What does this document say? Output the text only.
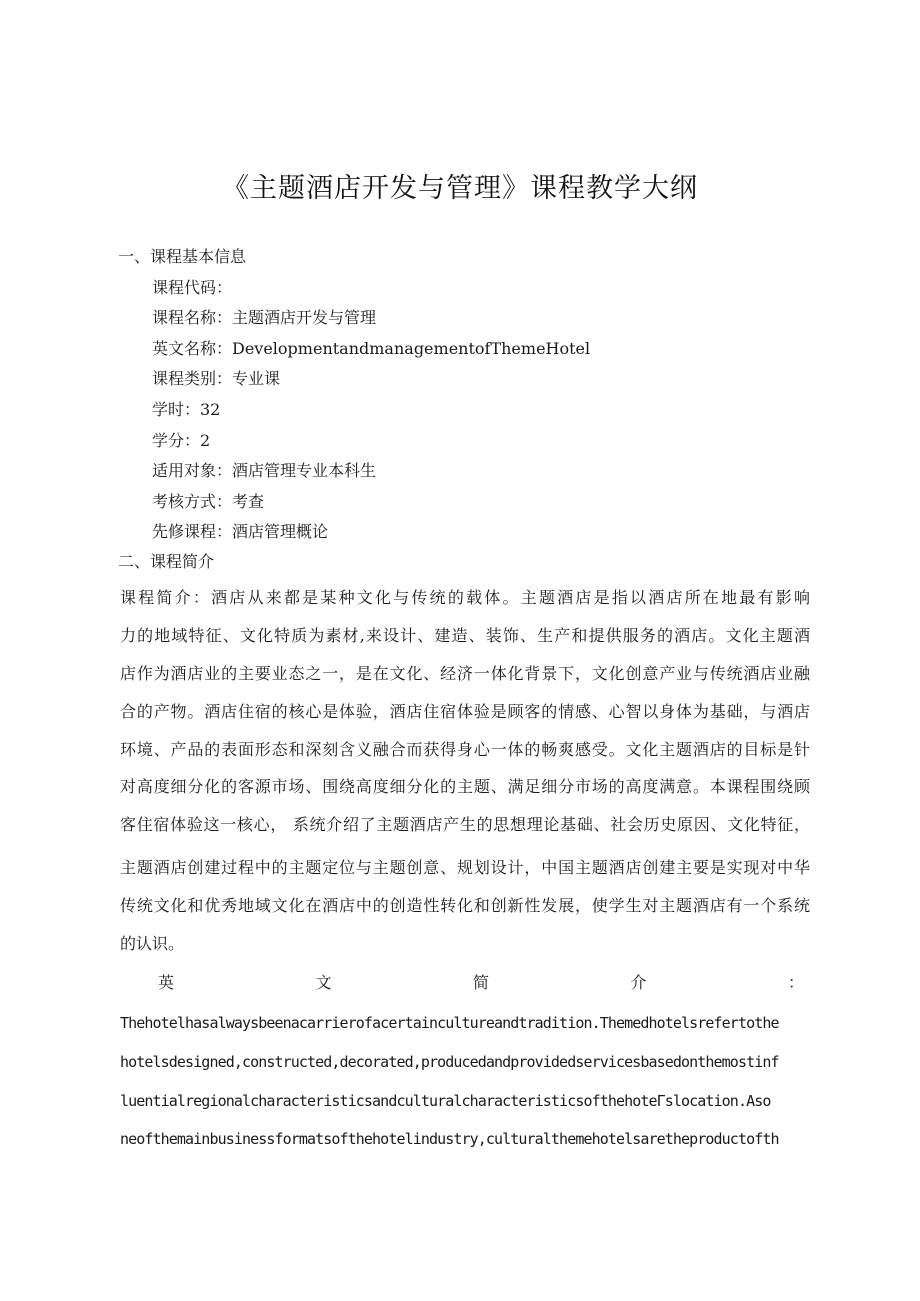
《主题酒店开发与管理》课程教学大纲
一、课程基本信息
课程代码：
课程名称：主题酒店开发与管理
英文名称：DevelopmentandmanagementofThemeHotel
课程类别：专业课
学时：32
学分：2
适用对象：酒店管理专业本科生
考核方式：考查
先修课程：酒店管理概论
二、课程简介
课程简介：酒店从来都是某种文化与传统的载体。主题酒店是指以酒店所在地最有影响
力的地域特征、文化特质为素材,来设计、建造、装饰、生产和提供服务的酒店。文化主题酒
店作为酒店业的主要业态之一，是在文化、经济一体化背景下，文化创意产业与传统酒店业融
合的产物。酒店住宿的核心是体验，酒店住宿体验是顾客的情感、心智以身体为基础，与酒店
环境、产品的表面形态和深刻含义融合而获得身心一体的畅爽感受。文化主题酒店的目标是针
对高度细分化的客源市场、围绕高度细分化的主题、满足细分市场的高度满意。本课程围绕顾
客住宿体验这一核心， 系统介绍了主题酒店产生的思想理论基础、社会历史原因、文化特征，
主题酒店创建过程中的主题定位与主题创意、规划设计，中国主题酒店创建主要是实现对中华
传统文化和优秀地域文化在酒店中的创造性转化和创新性发展，使学生对主题酒店有一个系统
的认识。
英	文	简	介	：
Thehotelhasalwaysbeenacarrierofacertaincultureandtradition.Themedhotelsrefertothe
hotelsdesigned,constructed,decorated,producedandprovidedservicesbasedonthemostinf
luentialregionalcharacteristicsandculturalcharacteristicsofthehoteΓslocation.Aso
neofthemainbusinessformatsofthehotelindustry,culturalthemehotelsaretheproductofth
